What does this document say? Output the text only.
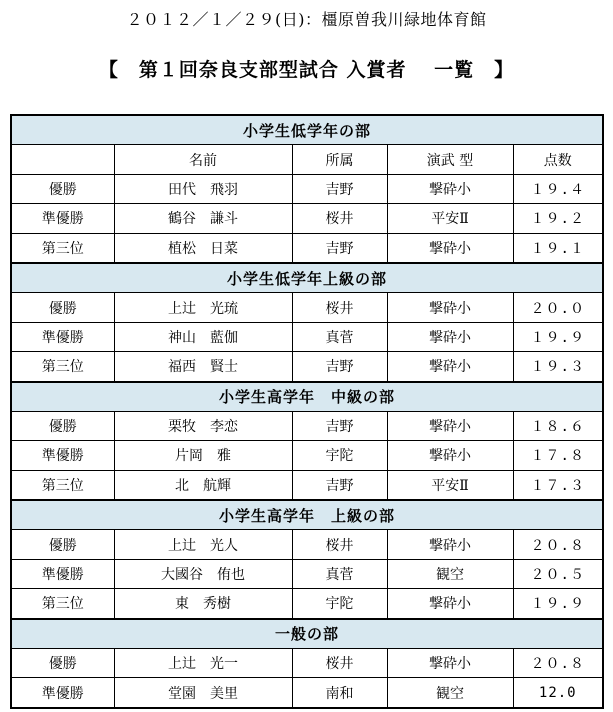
２０１２／１／２９(日)：橿原曽我川緑地体育館
【　第１回奈良支部型試合 入賞者　 一覧　】
小学生低学年の部				
	名前	所属	演武 型	点数
優勝	田代　飛羽	吉野	撃砕小	１９.４
準優勝	鶴谷　謙斗	桜井	平安Ⅱ	１９.２
第三位	植松　日菜	吉野	撃砕小	１９.１
小学生低学年上級の部				
優勝	上辻　光琉	桜井	撃砕小	２０.０
準優勝	神山　藍伽	真菅	撃砕小	１９.９
第三位	福西　賢士	吉野	撃砕小	１９.３
小学生高学年　中級の部				
優勝	栗牧　李恋	吉野	撃砕小	１８.６
準優勝	片岡　雅	宇陀	撃砕小	１７.８
第三位	北　航輝	吉野	平安Ⅱ	１７.３
小学生高学年　上級の部				
優勝	上辻　光人	桜井	撃砕小	２０.８
準優勝	大國谷　侑也	真菅	観空	２０.５
第三位	東　秀樹	宇陀	撃砕小	１９.９
一般の部				
優勝	上辻　光一	桜井	撃砕小	２０.８
準優勝	堂園　美里	南和	観空	12.0
